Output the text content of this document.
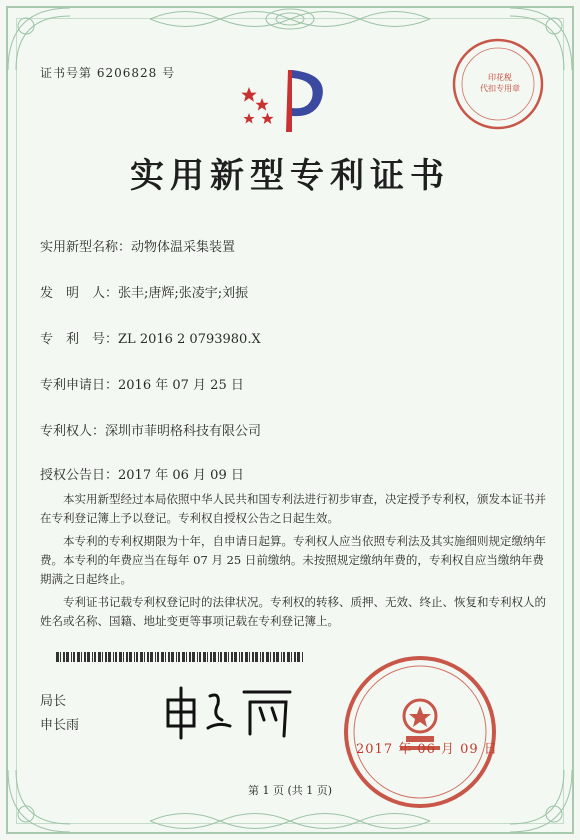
证书号第 6206828 号
实用新型专利证书
实用新型名称：动物体温采集装置
发　明　人：张丰;唐辉;张凌宇;刘振
专　利　号：ZL 2016 2 0793980.X
专利申请日：2016 年 07 月 25 日
专利权人：深圳市菲明格科技有限公司
授权公告日：2017 年 06 月 09 日

本实用新型经过本局依照中华人民共和国专利法进行初步审查，决定授予专利权，颁发本证书并在专利登记簿上予以登记。专利权自授权公告之日起生效。

本专利的专利权期限为十年，自申请日起算。专利权人应当依照专利法及其实施细则规定缴纳年费。本专利的年费应当在每年 07 月 25 日前缴纳。未按照规定缴纳年费的，专利权自应当缴纳年费期满之日起终止。

专利证书记载专利权登记时的法律状况。专利权的转移、质押、无效、终止、恢复和专利权人的姓名或名称、国籍、地址变更等事项记载在专利登记簿上。

局长
申长雨
2017 年 06 月 09 日
印花税
代扣专用章
第 1 页 (共 1 页)
